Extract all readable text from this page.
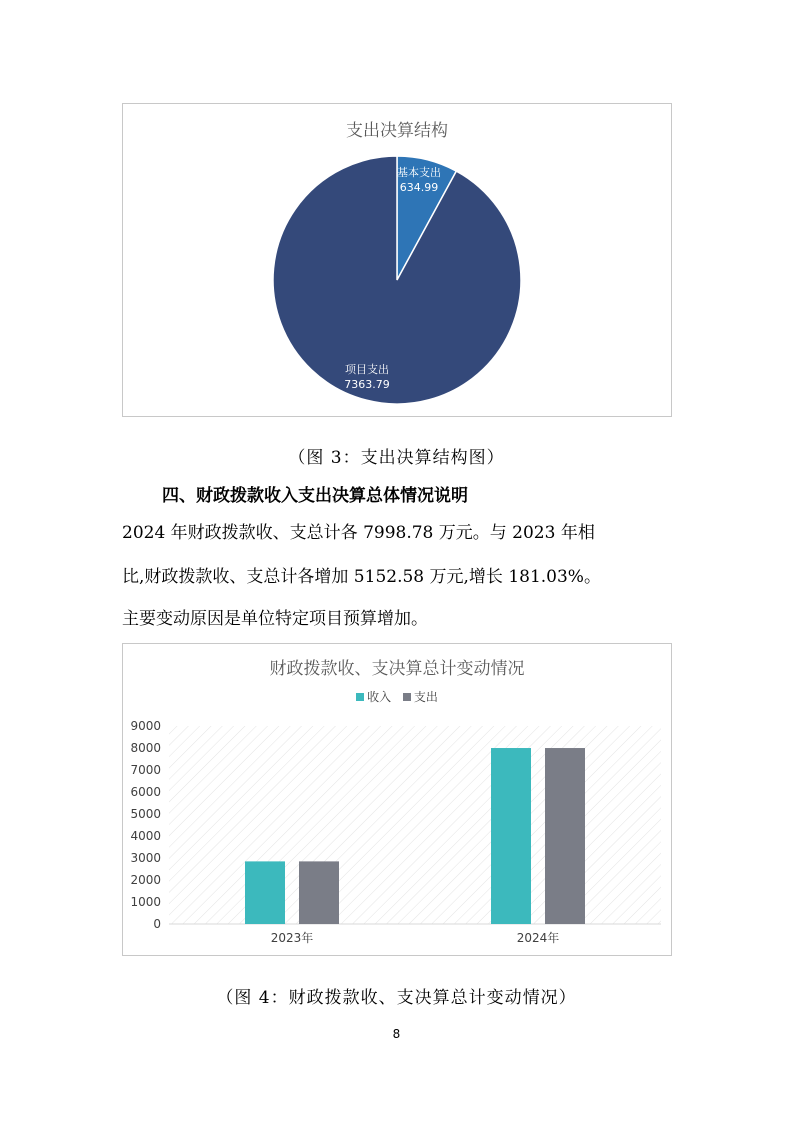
支出决算结构
基本支出
634.99
项目支出
7363.79
（图 3：支出决算结构图）
四、财政拨款收入支出决算总体情况说明
2024 年财政拨款收、支总计各 7998.78 万元。与 2023 年相
比,财政拨款收、支总计各增加 5152.58 万元,增长 181.03%。
主要变动原因是单位特定项目预算增加。
财政拨款收、支决算总计变动情况
收入
支出
0
1000
2000
3000
4000
5000
6000
7000
8000
9000
2023年	2024年
（图 4：财政拨款收、支决算总计变动情况）
8
